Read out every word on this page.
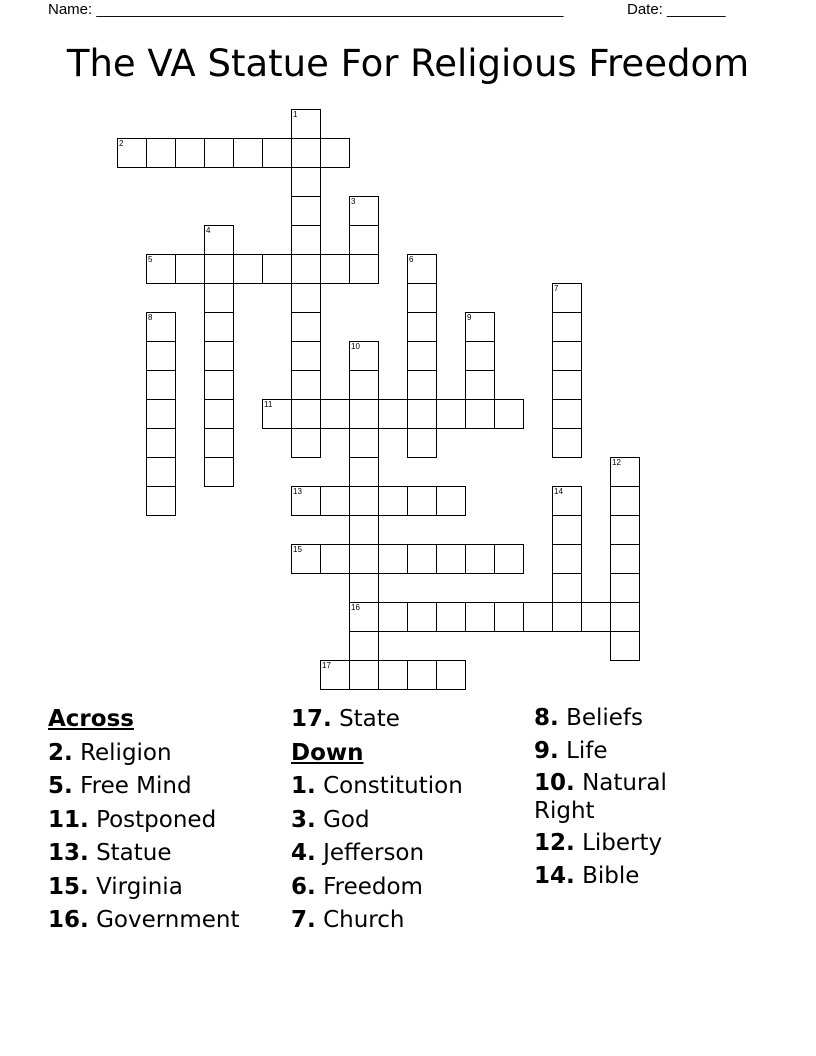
Name: ________________________________________________________	Date: _______
The VA Statue For Religious Freedom
1
2
3
4
5	6
7
8	9
10
16
11
12
13	14
15
17
Across
2. Religion
5. Free Mind
11. Postponed
13. Statue
15. Virginia
16. Government
17. State
Down
1. Constitution
3. God
4. Jefferson
6. Freedom
7. Church
8. Beliefs
9. Life
10. Natural Right
12. Liberty
14. Bible
